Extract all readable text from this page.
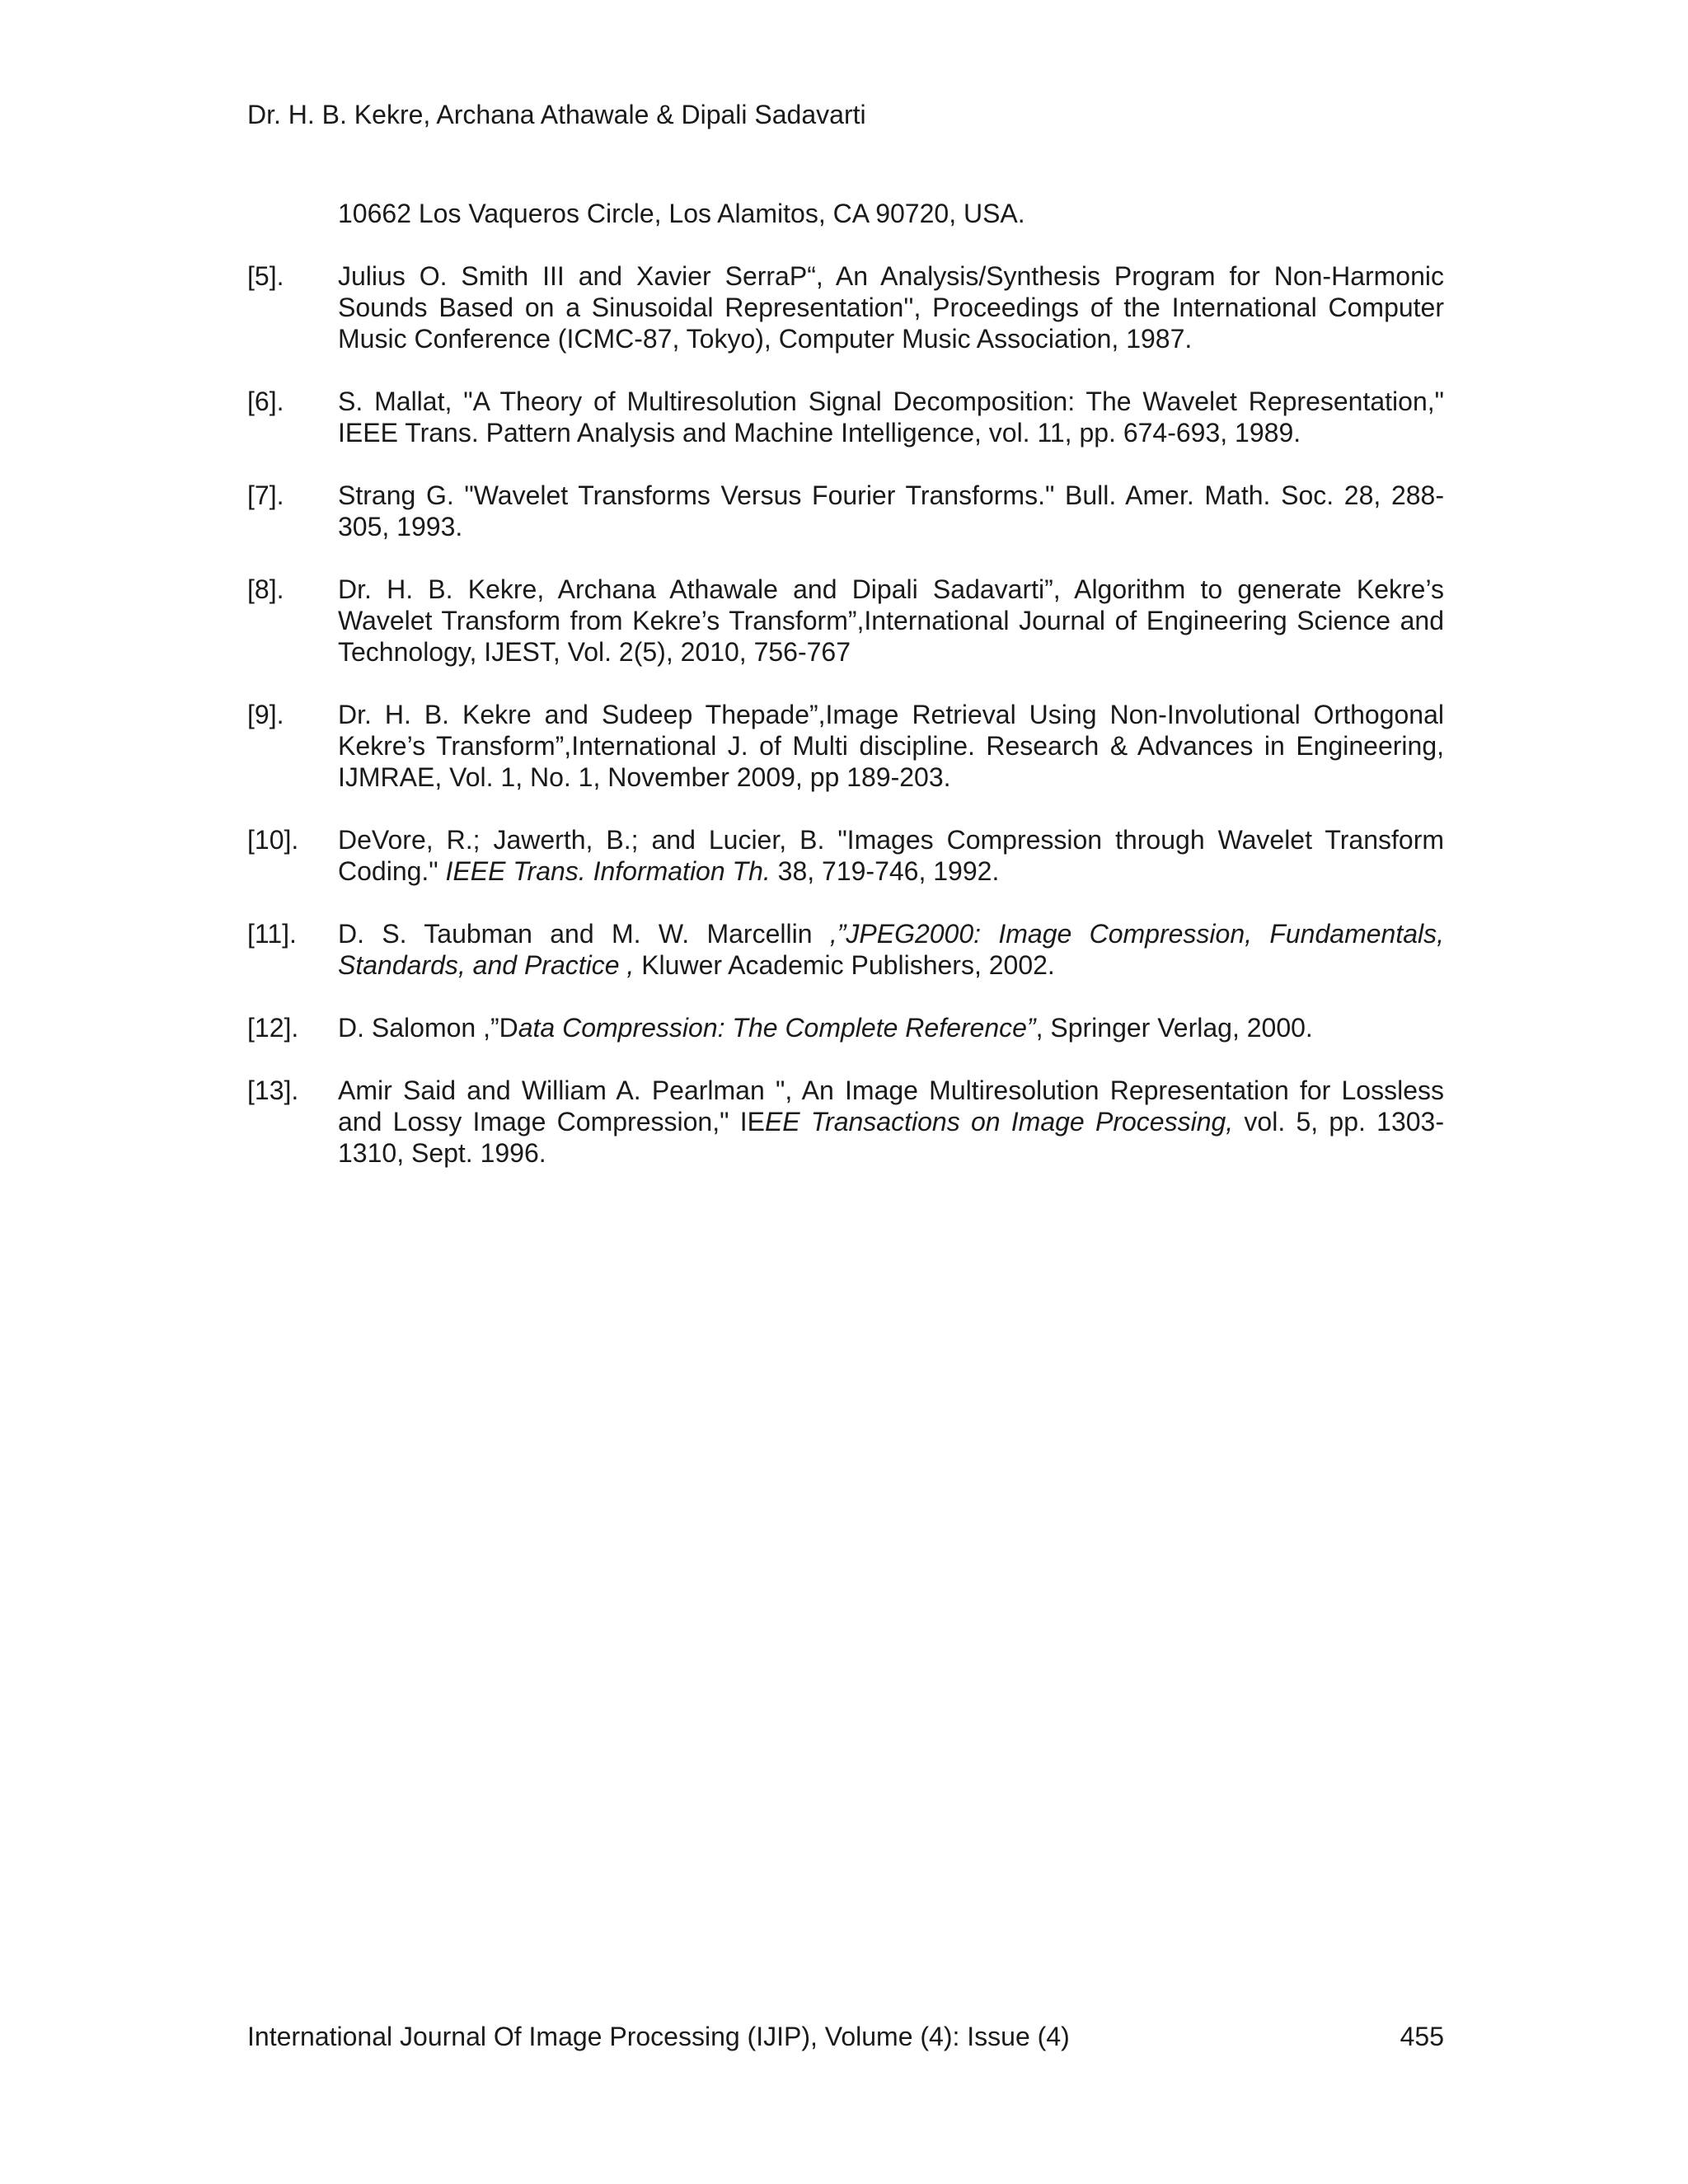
Dr. H. B. Kekre, Archana Athawale & Dipali Sadavarti
10662 Los Vaqueros Circle, Los Alamitos, CA 90720, USA.
[5].	Julius O. Smith III and Xavier SerraP“, An Analysis/Synthesis Program for Non-Harmonic Sounds Based on a Sinusoidal Representation'', Proceedings of the International Computer Music Conference (ICMC-87, Tokyo), Computer Music Association, 1987.
[6].	S. Mallat, "A Theory of Multiresolution Signal Decomposition: The Wavelet Representation," IEEE Trans. Pattern Analysis and Machine Intelligence, vol. 11, pp. 674-693, 1989.
[7].	Strang G. "Wavelet Transforms Versus Fourier Transforms." Bull. Amer. Math. Soc. 28, 288-305, 1993.
[8].	Dr. H. B. Kekre, Archana Athawale and Dipali Sadavarti”, Algorithm to generate Kekre’s Wavelet Transform from Kekre’s Transform”,International Journal of Engineering Science and Technology, IJEST, Vol. 2(5), 2010, 756-767
[9].	Dr. H. B. Kekre and Sudeep Thepade”,Image Retrieval Using Non-Involutional Orthogonal Kekre’s Transform”,International J. of Multi discipline. Research & Advances in Engineering, IJMRAE, Vol. 1, No. 1, November 2009, pp 189-203.
[10].	DeVore, R.; Jawerth, B.; and Lucier, B. "Images Compression through Wavelet Transform Coding." IEEE Trans. Information Th. 38, 719-746, 1992.
[11].	D. S. Taubman and M. W. Marcellin ,”JPEG2000: Image Compression, Fundamentals, Standards, and Practice , Kluwer Academic Publishers, 2002.
[12].	D. Salomon ,”Data Compression: The Complete Reference”, Springer Verlag, 2000.
[13].	Amir Said and William A. Pearlman ", An Image Multiresolution Representation for Lossless and Lossy Image Compression," IEEE Transactions on Image Processing, vol. 5, pp. 1303-1310, Sept. 1996.
International Journal Of Image Processing (IJIP), Volume (4): Issue (4)	455
